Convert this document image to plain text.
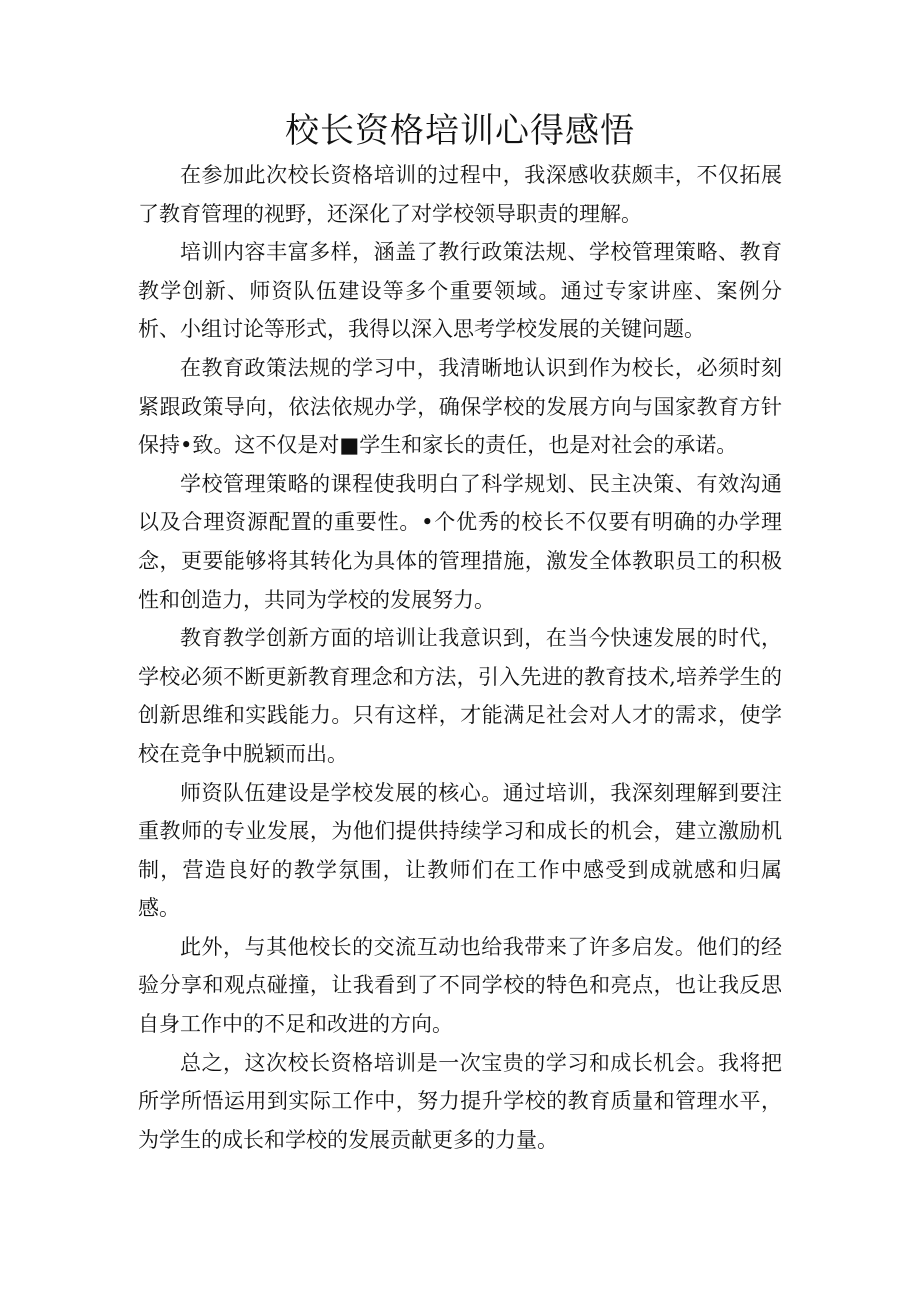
校长资格培训心得感悟

在参加此次校长资格培训的过程中，我深感收获颇丰，不仅拓展了教育管理的视野，还深化了对学校领导职责的理解。

培训内容丰富多样，涵盖了教行政策法规、学校管理策略、教育教学创新、师资队伍建设等多个重要领域。通过专家讲座、案例分析、小组讨论等形式，我得以深入思考学校发展的关键问题。

在教育政策法规的学习中，我清晰地认识到作为校长，必须时刻紧跟政策导向，依法依规办学，确保学校的发展方向与国家教育方针保持•致。这不仅是对■学生和家长的责任，也是对社会的承诺。

学校管理策略的课程使我明白了科学规划、民主决策、有效沟通以及合理资源配置的重要性。•个优秀的校长不仅要有明确的办学理念，更要能够将其转化为具体的管理措施，激发全体教职员工的积极性和创造力，共同为学校的发展努力。

教育教学创新方面的培训让我意识到，在当今快速发展的时代，学校必须不断更新教育理念和方法，引入先进的教育技术,培养学生的创新思维和实践能力。只有这样，才能满足社会对人才的需求，使学校在竞争中脱颖而出。

师资队伍建设是学校发展的核心。通过培训，我深刻理解到要注重教师的专业发展，为他们提供持续学习和成长的机会，建立激励机制，营造良好的教学氛围，让教师们在工作中感受到成就感和归属感。

此外，与其他校长的交流互动也给我带来了许多启发。他们的经验分享和观点碰撞，让我看到了不同学校的特色和亮点，也让我反思自身工作中的不足和改进的方向。

总之，这次校长资格培训是一次宝贵的学习和成长机会。我将把所学所悟运用到实际工作中，努力提升学校的教育质量和管理水平，为学生的成长和学校的发展贡献更多的力量。
